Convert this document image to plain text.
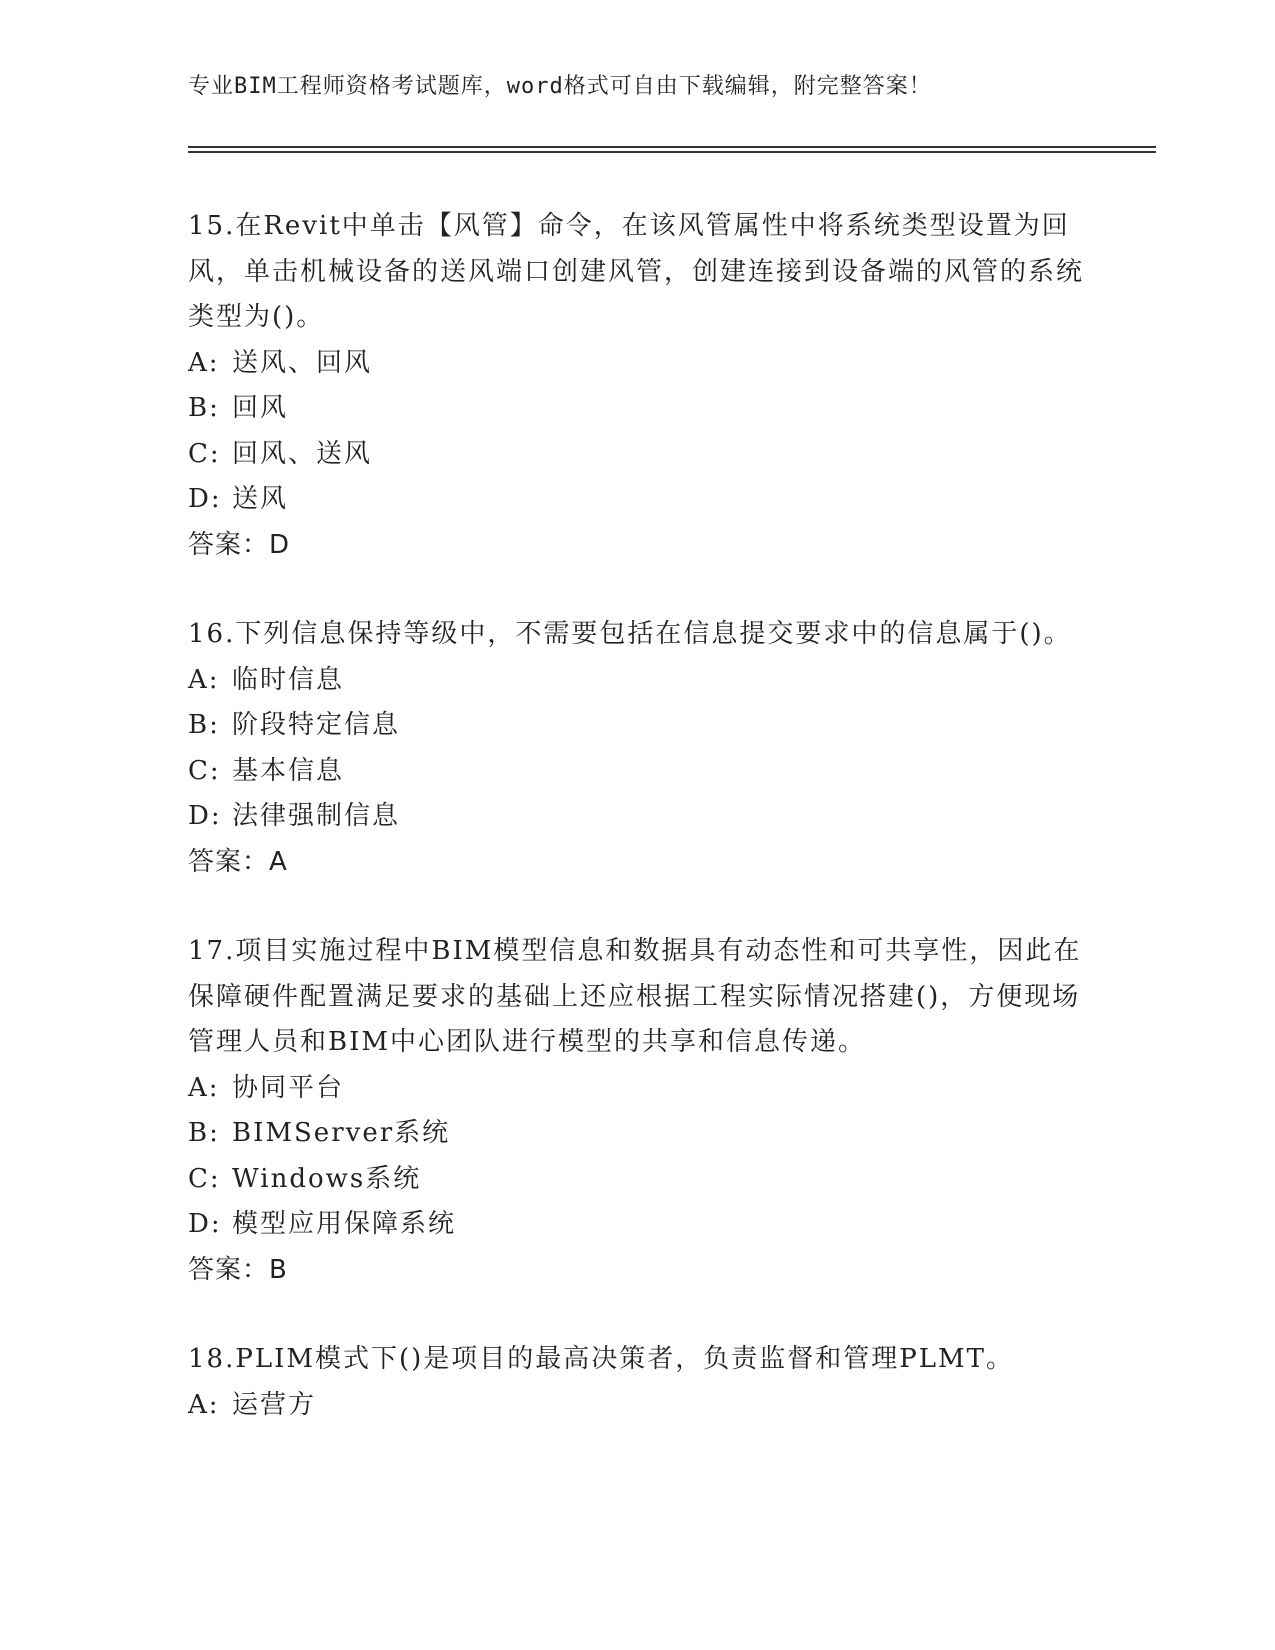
专业BIM工程师资格考试题库，word格式可自由下载编辑，附完整答案！

15.在Revit中单击【风管】命令，在该风管属性中将系统类型设置为回风，单击机械设备的送风端口创建风管，创建连接到设备端的风管的系统类型为()。

A: 送风、回风

B: 回风

C: 回风、送风

D: 送风

答案：D

16.下列信息保持等级中，不需要包括在信息提交要求中的信息属于()。

A: 临时信息

B: 阶段特定信息

C: 基本信息

D: 法律强制信息

答案：A

17.项目实施过程中BIM模型信息和数据具有动态性和可共享性，因此在保障硬件配置满足要求的基础上还应根据工程实际情况搭建()，方便现场管理人员和BIM中心团队进行模型的共享和信息传递。

A: 协同平台

B: BIMServer系统

C: Windows系统

D: 模型应用保障系统

答案：B

18.PLIM模式下()是项目的最高决策者，负责监督和管理PLMT。

A: 运营方
